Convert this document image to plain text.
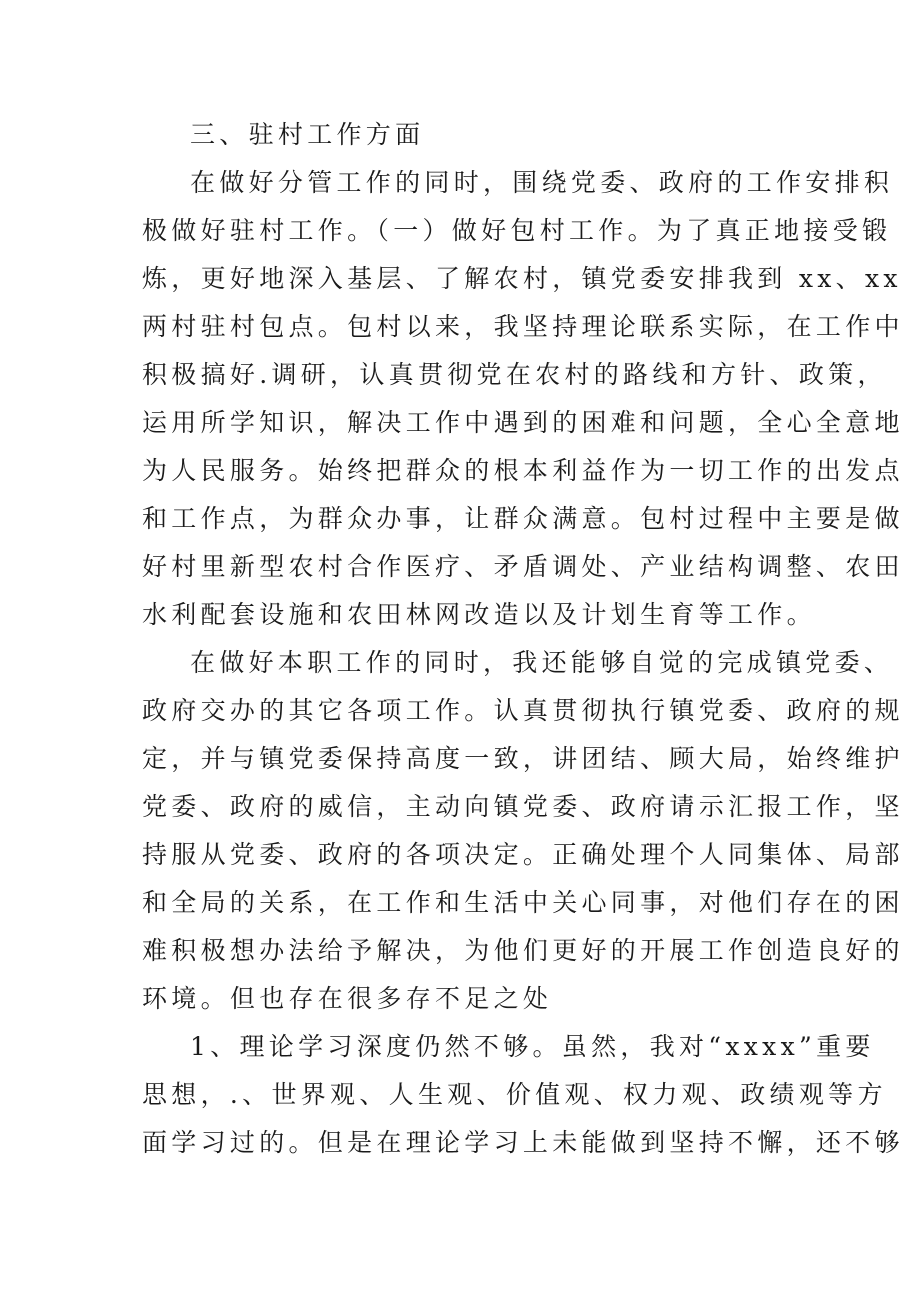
三、驻村工作方面
在做好分管工作的同时，围绕党委、政府的工作安排积
极做好驻村工作。（一）做好包村工作。为了真正地接受锻
炼，更好地深入基层、了解农村，镇党委安排我到 xx、xx
两村驻村包点。包村以来，我坚持理论联系实际，在工作中
积极搞好.调研，认真贯彻党在农村的路线和方针、政策，
运用所学知识，解决工作中遇到的困难和问题，全心全意地
为人民服务。始终把群众的根本利益作为一切工作的出发点
和工作点，为群众办事，让群众满意。包村过程中主要是做
好村里新型农村合作医疗、矛盾调处、产业结构调整、农田
水利配套设施和农田林网改造以及计划生育等工作。
在做好本职工作的同时，我还能够自觉的完成镇党委、
政府交办的其它各项工作。认真贯彻执行镇党委、政府的规
定，并与镇党委保持高度一致，讲团结、顾大局，始终维护
党委、政府的威信，主动向镇党委、政府请示汇报工作，坚
持服从党委、政府的各项决定。正确处理个人同集体、局部
和全局的关系，在工作和生活中关心同事，对他们存在的困
难积极想办法给予解决，为他们更好的开展工作创造良好的
环境。但也存在很多存不足之处
1、理论学习深度仍然不够。虽然，我对“xxxx”重要
思想，.、世界观、人生观、价值观、权力观、政绩观等方
面学习过的。但是在理论学习上未能做到坚持不懈，还不够
